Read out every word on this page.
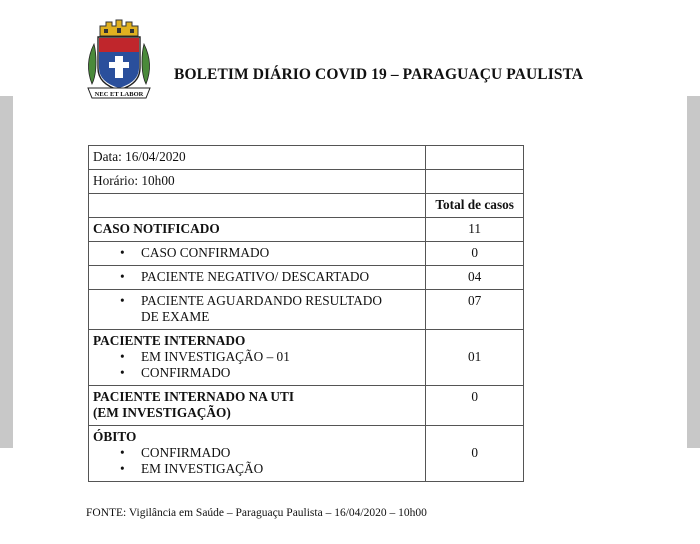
NEC ET LABOR
BOLETIM DIÁRIO COVID 19 – PARAGUAÇU PAULISTA
Data: 16/04/2020	
Horário: 10h00	
	Total de casos
CASO NOTIFICADO	11

• CASO CONFIRMADO	0

• PACIENTE NEGATIVO/ DESCARTADO	04

• PACIENTE AGUARDANDO RESULTADO
DE EXAME	07

PACIENTE INTERNADO
• EM INVESTIGAÇÃO – 01
• CONFIRMADO	01

PACIENTE INTERNADO NA UTI
(EM INVESTIGAÇÃO)	0

ÓBITO
• CONFIRMADO
• EM INVESTIGAÇÃO	0
FONTE: Vigilância em Saúde – Paraguaçu Paulista – 16/04/2020 – 10h00
